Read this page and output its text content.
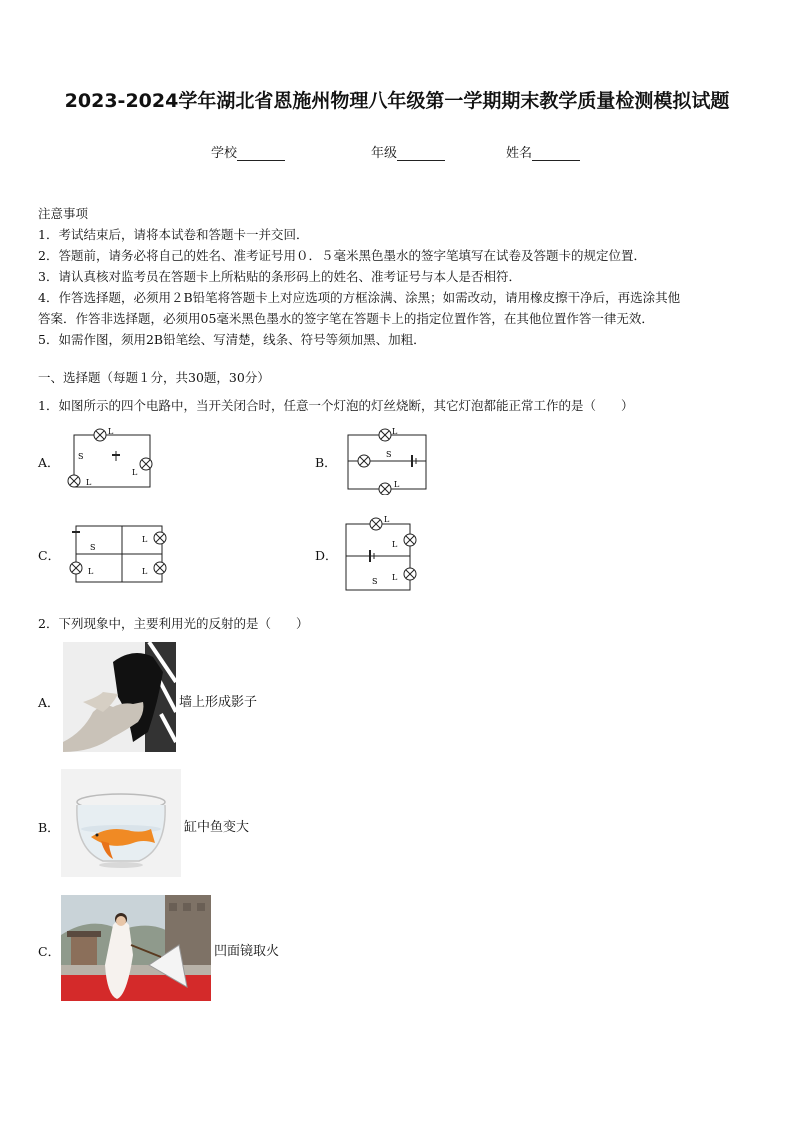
2023-2024学年湖北省恩施州物理八年级第一学期期末教学质量检测模拟试题
学校	年级	姓名
注意事项
1．考试结束后，请将本试卷和答题卡一并交回．
2．答题前，请务必将自己的姓名、准考证号用０．５毫米黑色墨水的签字笔填写在试卷及答题卡的规定位置．
3．请认真核对监考员在答题卡上所粘贴的条形码上的姓名、准考证号与本人是否相符．
4．作答选择题，必须用２B铅笔将答题卡上对应选项的方框涂满、涂黑；如需改动，请用橡皮擦干净后，再选涂其他
答案．作答非选择题，必须用05毫米黑色墨水的签字笔在答题卡上的指定位置作答，在其他位置作答一律无效．
5．如需作图，须用2B铅笔绘、写清楚，线条、符号等须加黑、加粗．
一、选择题（每题１分，共30题，30分）
1．如图所示的四个电路中，当开关闭合时，任意一个灯泡的灯丝烧断，其它灯泡都能正常工作的是（　　）
A．
L
S
L
L
B．
L
S
L
C．
S
L
L	L
D．
L
L
S L
2．下列现象中，主要利用光的反射的是（　　）
A．	墙上形成影子
B．	缸中鱼变大
C．	凹面镜取火
